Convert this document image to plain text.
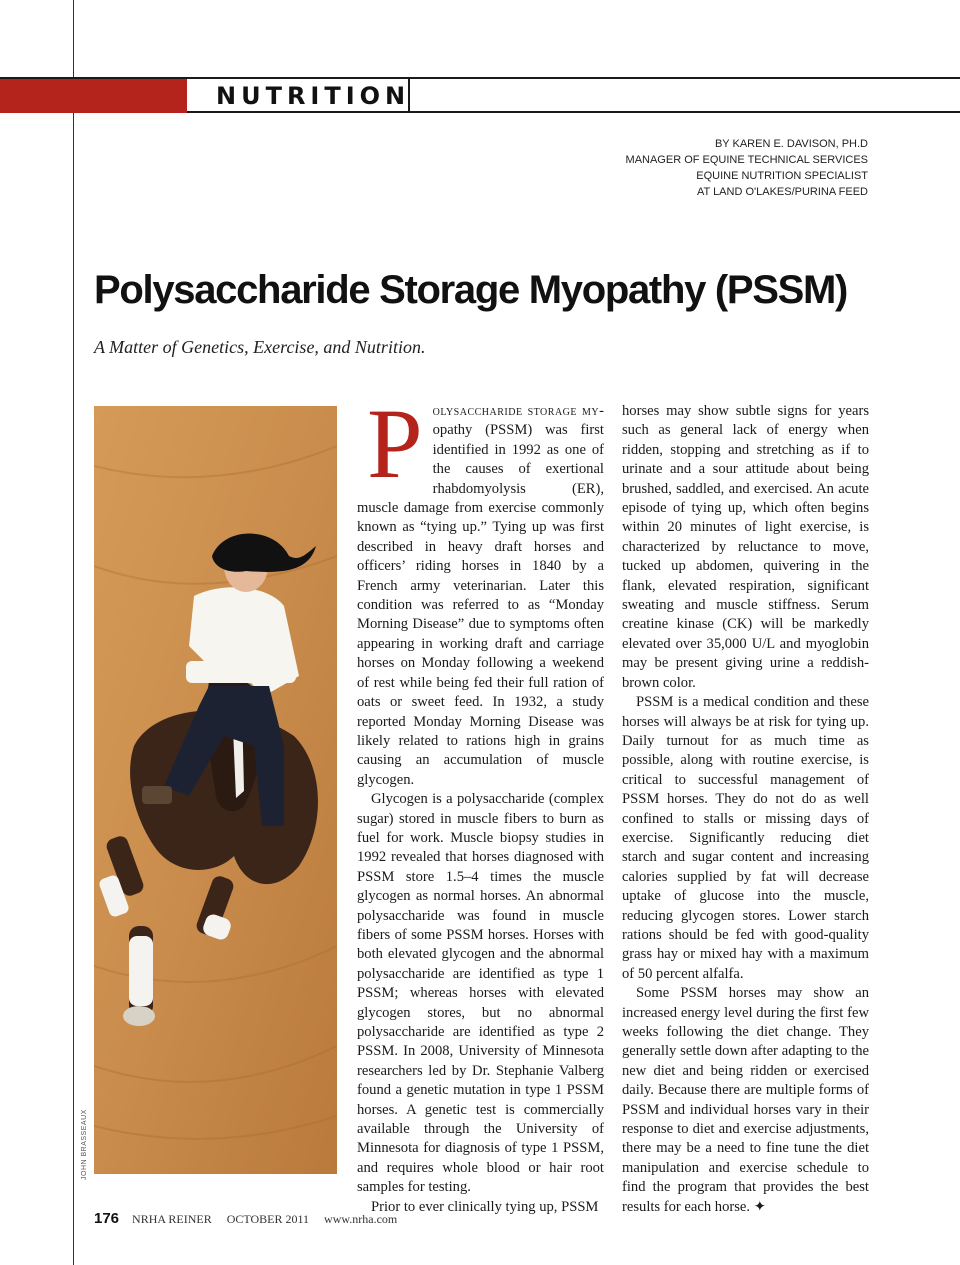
NUTRITION
BY KAREN E. DAVISON, PH.D
MANAGER OF EQUINE TECHNICAL SERVICES
EQUINE NUTRITION SPECIALIST
AT LAND O'LAKES/PURINA FEED
Polysaccharide Storage Myopathy (PSSM)
A Matter of Genetics, Exercise, and Nutrition.
JOHN BRASSEAUX

Polysaccharide storage my-opathy (PSSM) was first identified in 1992 as one of the causes of exertional rhabdomyolysis (ER), muscle damage from exercise commonly known as “tying up.” Tying up was first described in heavy draft horses and officers’ riding horses in 1840 by a French army veterinarian. Later this condition was referred to as “Monday Morning Disease” due to symptoms often appearing in working draft and carriage horses on Monday following a weekend of rest while being fed their full ration of oats or sweet feed. In 1932, a study reported Monday Morning Disease was likely related to rations high in grains causing an accumulation of muscle glycogen.

Glycogen is a polysaccharide (complex sugar) stored in muscle fibers to burn as fuel for work. Muscle biopsy studies in 1992 revealed that horses diagnosed with PSSM store 1.5–4 times the muscle glycogen as normal horses. An abnormal polysaccharide was found in muscle fibers of some PSSM horses. Horses with both elevated glycogen and the abnormal polysaccharide are identified as type 1 PSSM; whereas horses with elevated glycogen stores, but no abnormal polysaccharide are identified as type 2 PSSM. In 2008, University of Minnesota researchers led by Dr. Stephanie Valberg found a genetic mutation in type 1 PSSM horses. A genetic test is commercially available through the University of Minnesota for diagnosis of type 1 PSSM, and requires whole blood or hair root samples for testing.

Prior to ever clinically tying up, PSSM

horses may show subtle signs for years such as general lack of energy when ridden, stopping and stretching as if to urinate and a sour attitude about being brushed, saddled, and exercised. An acute episode of tying up, which often begins within 20 minutes of light exercise, is characterized by reluctance to move, tucked up abdomen, quivering in the flank, elevated respiration, significant sweating and muscle stiffness. Serum creatine kinase (CK) will be markedly elevated over 35,000 U/L and myoglobin may be present giving urine a reddish-brown color.

PSSM is a medical condition and these horses will always be at risk for tying up. Daily turnout for as much time as possible, along with routine exercise, is critical to successful management of PSSM horses. They do not do as well confined to stalls or missing days of exercise. Significantly reducing diet starch and sugar content and increasing calories supplied by fat will decrease uptake of glucose into the muscle, reducing glycogen stores. Lower starch rations should be fed with good-quality grass hay or mixed hay with a maximum of 50 percent alfalfa.

Some PSSM horses may show an increased energy level during the first few weeks following the diet change. They generally settle down after adapting to the new diet and being ridden or exercised daily. Because there are multiple forms of PSSM and individual horses vary in their response to diet and exercise adjustments, there may be a need to fine tune the diet manipulation and exercise schedule to find the program that provides the best results for each horse. ✦

176 NRHA REINER OCTOBER 2011 www.nrha.com
